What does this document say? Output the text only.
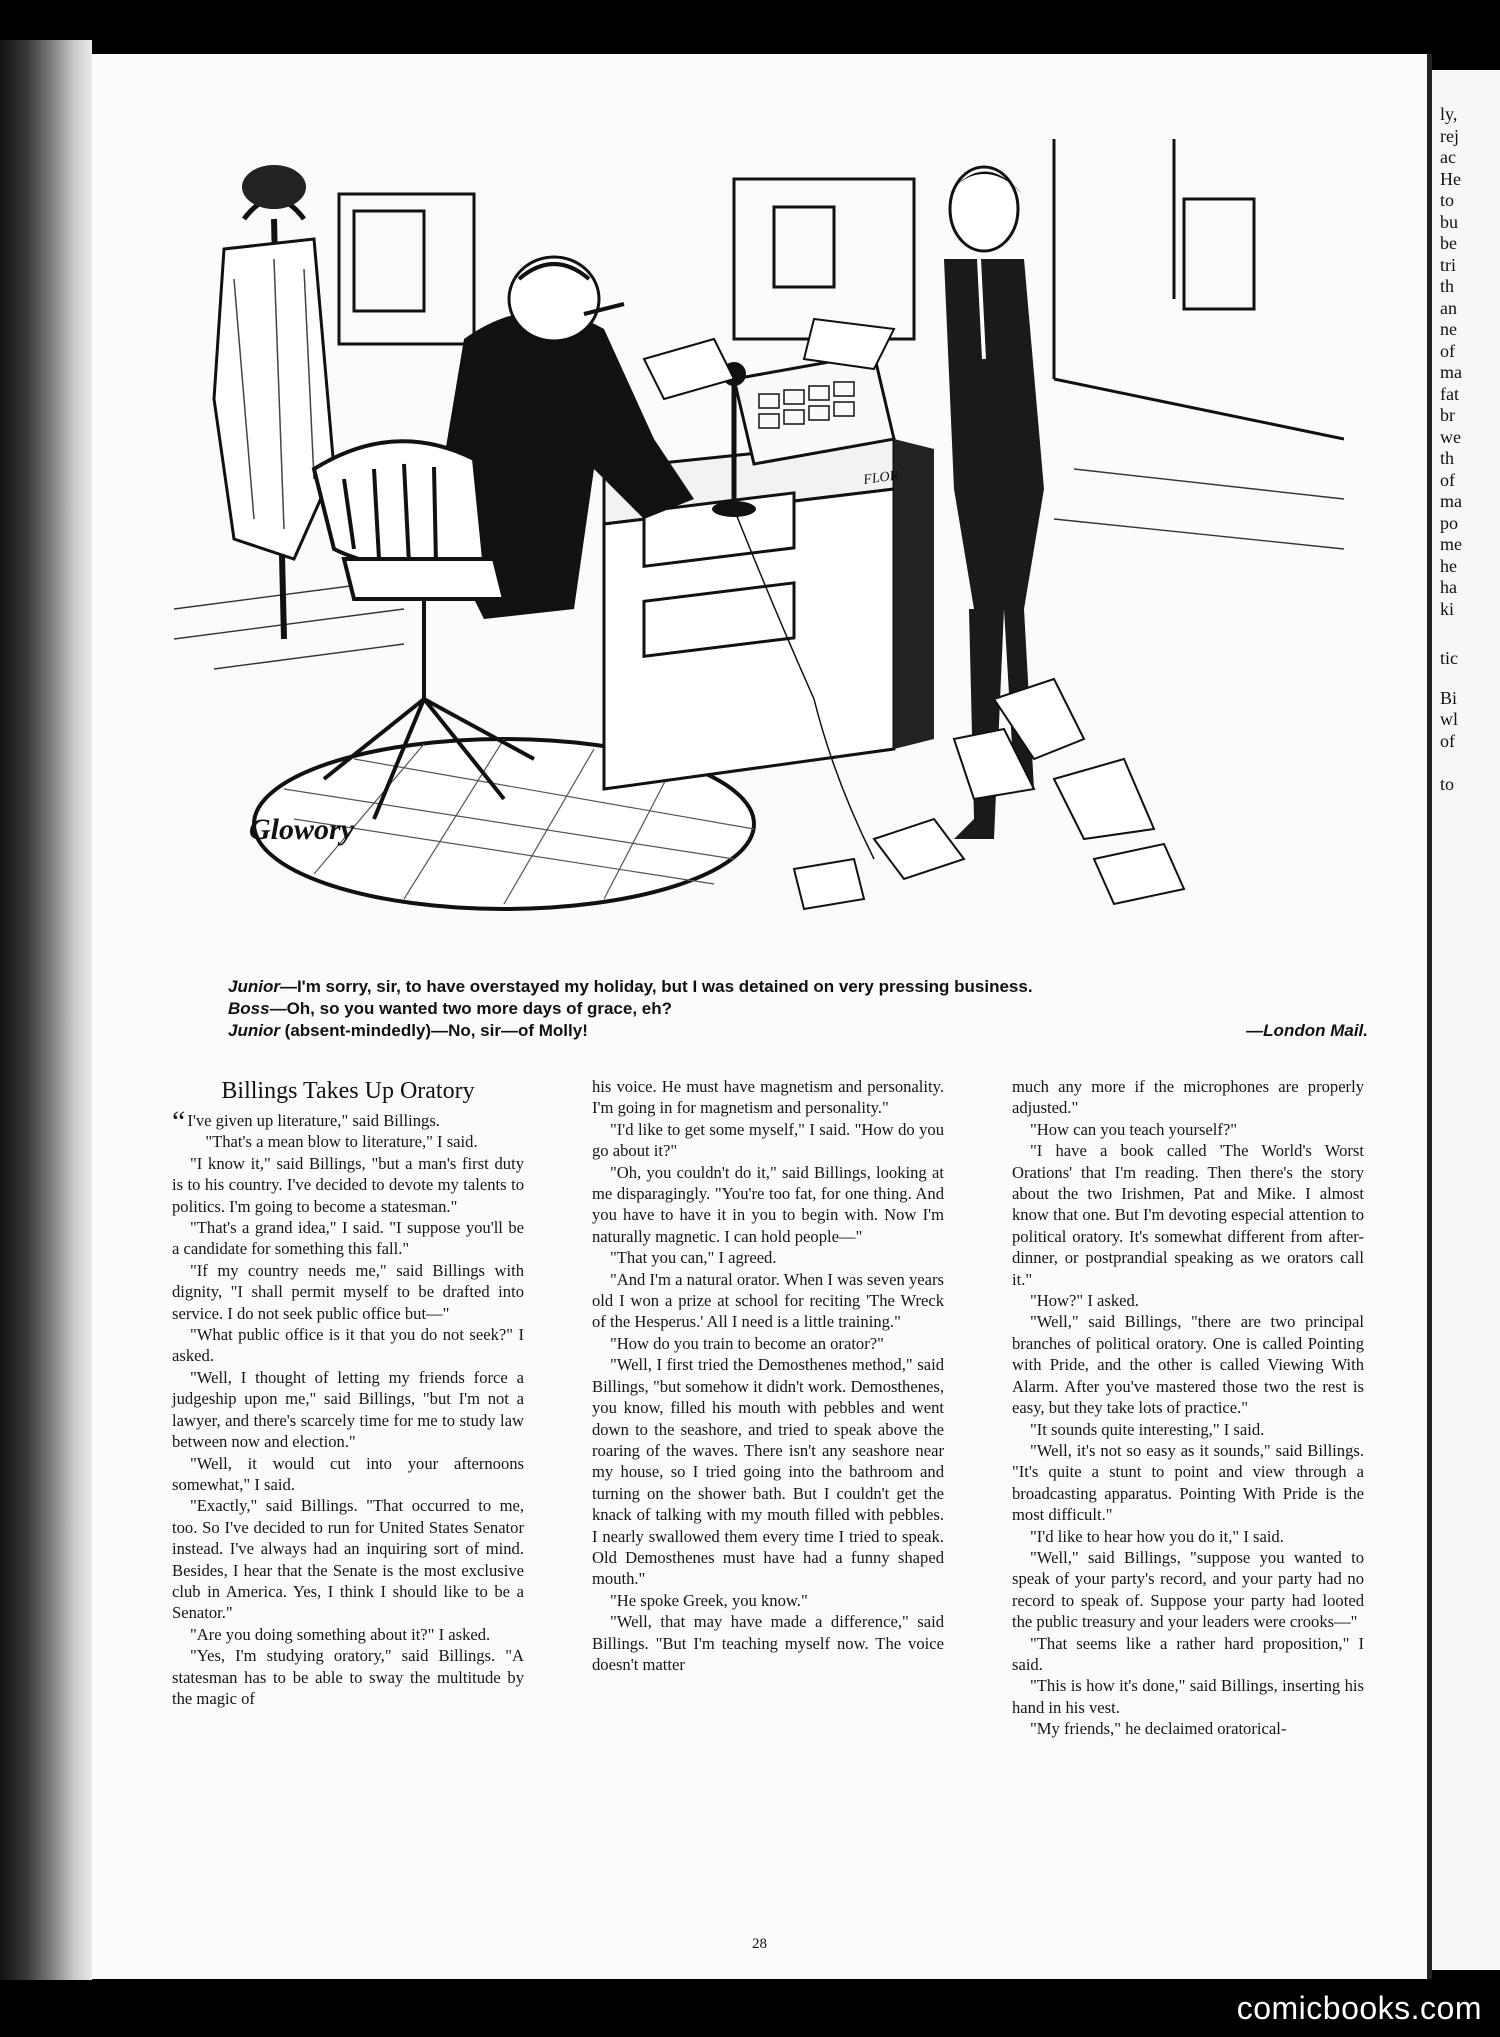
Glowory
FLOR
Junior—I'm sorry, sir, to have overstayed my holiday, but I was detained on very pressing business.
Boss—Oh, so you wanted two more days of grace, eh?
Junior (absent-mindedly)—No, sir—of Molly!	—London Mail.
Billings Takes Up Oratory

“ I've given up literature," said Billings.

"That's a mean blow to literature," I said.

"I know it," said Billings, "but a man's first duty is to his country. I've decided to devote my talents to politics. I'm going to become a statesman."

"That's a grand idea," I said. "I suppose you'll be a candidate for something this fall."

"If my country needs me," said Billings with dignity, "I shall permit myself to be drafted into service. I do not seek public office but—"

"What public office is it that you do not seek?" I asked.

"Well, I thought of letting my friends force a judgeship upon me," said Billings, "but I'm not a lawyer, and there's scarcely time for me to study law between now and election."

"Well, it would cut into your afternoons somewhat," I said.

"Exactly," said Billings. "That occurred to me, too. So I've decided to run for United States Senator instead. I've always had an inquiring sort of mind. Besides, I hear that the Senate is the most exclusive club in America. Yes, I think I should like to be a Senator."

"Are you doing something about it?" I asked.

"Yes, I'm studying oratory," said Billings. "A statesman has to be able to sway the multitude by the magic of

his voice. He must have magnetism and personality. I'm going in for magnetism and personality."

"I'd like to get some myself," I said. "How do you go about it?"

"Oh, you couldn't do it," said Billings, looking at me disparagingly. "You're too fat, for one thing. And you have to have it in you to begin with. Now I'm naturally magnetic. I can hold people—"

"That you can," I agreed.

"And I'm a natural orator. When I was seven years old I won a prize at school for reciting 'The Wreck of the Hesperus.' All I need is a little training."

"How do you train to become an orator?"

"Well, I first tried the Demosthenes method," said Billings, "but somehow it didn't work. Demosthenes, you know, filled his mouth with pebbles and went down to the seashore, and tried to speak above the roaring of the waves. There isn't any seashore near my house, so I tried going into the bathroom and turning on the shower bath. But I couldn't get the knack of talking with my mouth filled with pebbles. I nearly swallowed them every time I tried to speak. Old Demosthenes must have had a funny shaped mouth."

"He spoke Greek, you know."

"Well, that may have made a difference," said Billings. "But I'm teaching myself now. The voice doesn't matter

much any more if the microphones are properly adjusted."

"How can you teach yourself?"

"I have a book called 'The World's Worst Orations' that I'm reading. Then there's the story about the two Irishmen, Pat and Mike. I almost know that one. But I'm devoting especial attention to political oratory. It's somewhat different from after-dinner, or postprandial speaking as we orators call it."

"How?" I asked.

"Well," said Billings, "there are two principal branches of political oratory. One is called Pointing with Pride, and the other is called Viewing With Alarm. After you've mastered those two the rest is easy, but they take lots of practice."

"It sounds quite interesting," I said.

"Well, it's not so easy as it sounds," said Billings. "It's quite a stunt to point and view through a broadcasting apparatus. Pointing With Pride is the most difficult."

"I'd like to hear how you do it," I said.

"Well," said Billings, "suppose you wanted to speak of your party's record, and your party had no record to speak of. Suppose your party had looted the public treasury and your leaders were crooks—"

"That seems like a rather hard proposition," I said.

"This is how it's done," said Billings, inserting his hand in his vest.

"My friends," he declaimed oratorical-

28
ly,
rej
ac
He
to
bu
be
tri
th
an
ne
of
ma
fat
br
we
th
of
ma
po
me
he
ha
ki
tic
Bi
wl
of
to
comicbooks.com
